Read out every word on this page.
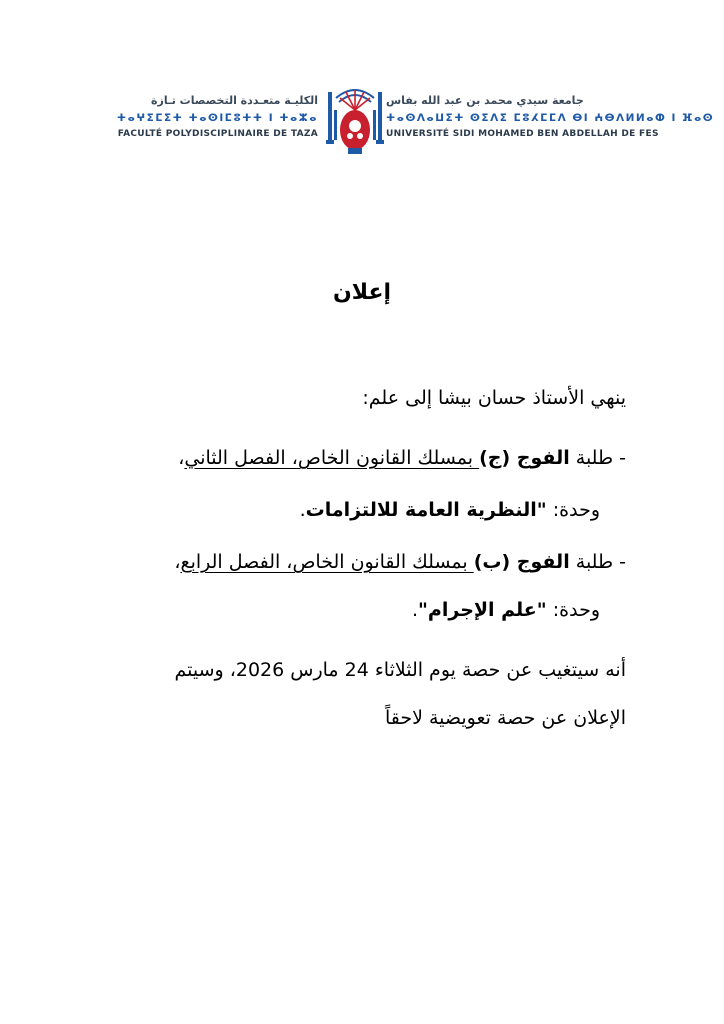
الكليـة متعـددة التخصصات تـازة
ⵜⴰⵖⵉⵎⵉⵜ ⵜⴰⵙⵏⵎⵓⵜⵜ ⵏ ⵜⴰⵣⴰ
FACULTÉ POLYDISCIPLINAIRE DE TAZA
جامعة سيدي محمد بن عبد الله بفاس
ⵜⴰⵙⴷⴰⵡⵉⵜ ⵙⵉⴷⵉ ⵎⵓⵃⵎⵎⴷ ⴱⵏ ⵄⴱⴷⵍⵍⴰⵀ ⵏ ⴼⴰⵙ
UNIVERSITÉ SIDI MOHAMED BEN ABDELLAH DE FES
إعلان
ينهي الأستاذ حسان بيشا إلى علم:
- طلبة الفوج (ج) بمسلك القانون الخاص، الفصل الثاني،
وحدة: "النظرية العامة للالتزامات.
- طلبة الفوج (ب) بمسلك القانون الخاص، الفصل الرابع،
وحدة: "علم الإجرام".
أنه سيتغيب عن حصة يوم الثلاثاء 24 مارس 2026، وسيتم
الإعلان عن حصة تعويضية لاحقاً
